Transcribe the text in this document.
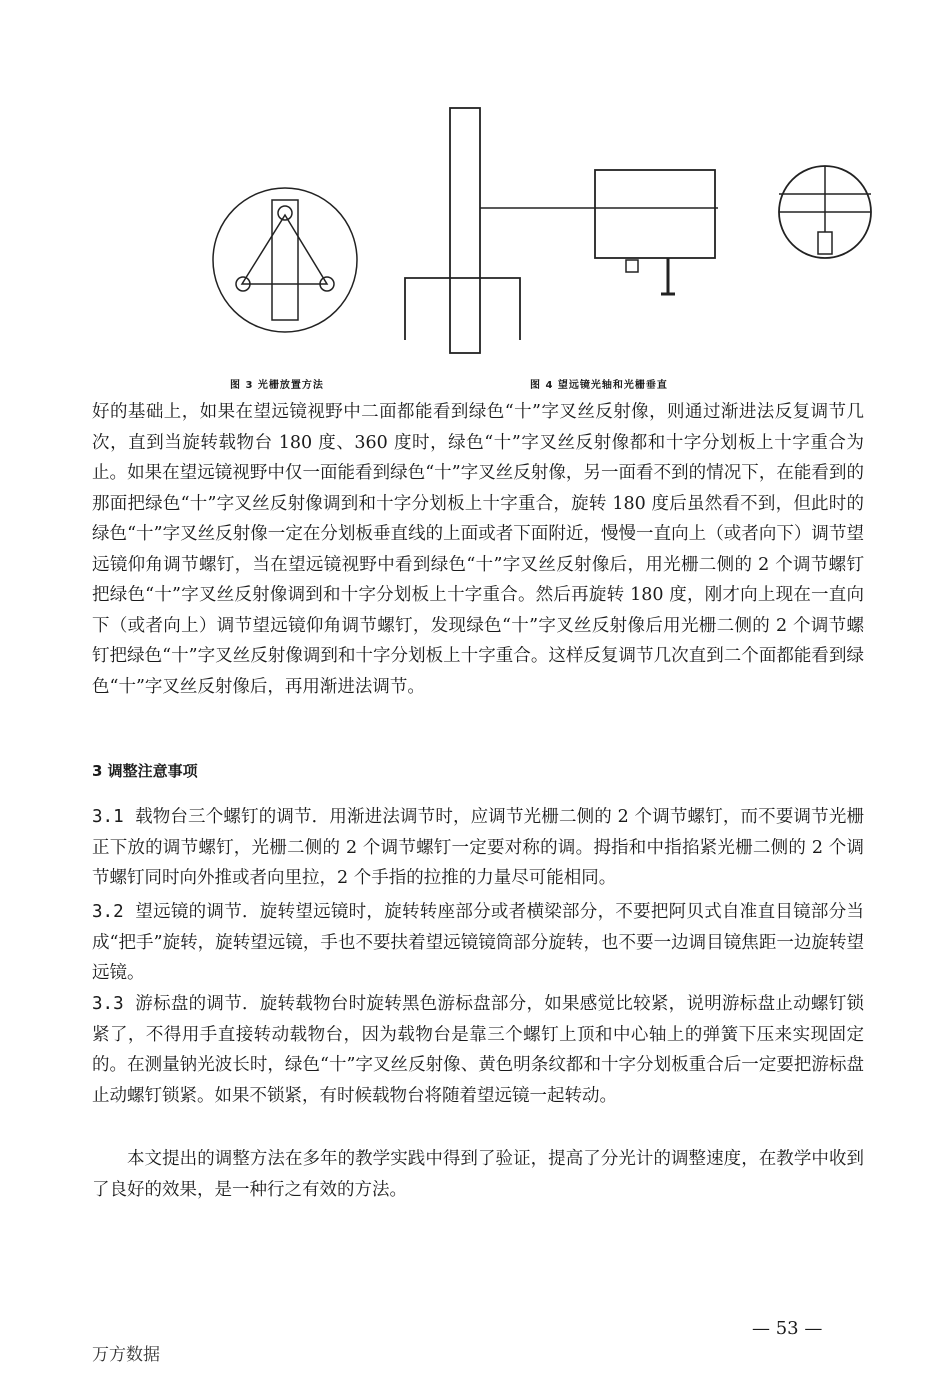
图 3 光栅放置方法	图 4 望远镜光轴和光栅垂直

好的基础上，如果在望远镜视野中二面都能看到绿色“十”字叉丝反射像，则通过渐进法反复调节几次，直到当旋转载物台 180 度、360 度时，绿色“十”字叉丝反射像都和十字分划板上十字重合为止。如果在望远镜视野中仅一面能看到绿色“十”字叉丝反射像，另一面看不到的情况下，在能看到的那面把绿色“十”字叉丝反射像调到和十字分划板上十字重合，旋转 180 度后虽然看不到，但此时的绿色“十”字叉丝反射像一定在分划板垂直线的上面或者下面附近，慢慢一直向上（或者向下）调节望远镜仰角调节螺钉，当在望远镜视野中看到绿色“十”字叉丝反射像后，用光栅二侧的 2 个调节螺钉把绿色“十”字叉丝反射像调到和十字分划板上十字重合。然后再旋转 180 度，刚才向上现在一直向下（或者向上）调节望远镜仰角调节螺钉，发现绿色“十”字叉丝反射像后用光栅二侧的 2 个调节螺钉把绿色“十”字叉丝反射像调到和十字分划板上十字重合。这样反复调节几次直到二个面都能看到绿色“十”字叉丝反射像后，再用渐进法调节。

3 调整注意事项

3.1 载物台三个螺钉的调节．用渐进法调节时，应调节光栅二侧的 2 个调节螺钉，而不要调节光栅正下放的调节螺钉，光栅二侧的 2 个调节螺钉一定要对称的调。拇指和中指掐紧光栅二侧的 2 个调节螺钉同时向外推或者向里拉，2 个手指的拉推的力量尽可能相同。

3.2 望远镜的调节．旋转望远镜时，旋转转座部分或者横梁部分，不要把阿贝式自准直目镜部分当成“把手”旋转，旋转望远镜，手也不要扶着望远镜镜筒部分旋转，也不要一边调目镜焦距一边旋转望远镜。

3.3 游标盘的调节．旋转载物台时旋转黑色游标盘部分，如果感觉比较紧，说明游标盘止动螺钉锁紧了，不得用手直接转动载物台，因为载物台是靠三个螺钉上顶和中心轴上的弹簧下压来实现固定的。在测量钠光波长时，绿色“十”字叉丝反射像、黄色明条纹都和十字分划板重合后一定要把游标盘止动螺钉锁紧。如果不锁紧，有时候载物台将随着望远镜一起转动。

本文提出的调整方法在多年的教学实践中得到了验证，提高了分光计的调整速度，在教学中收到了良好的效果，是一种行之有效的方法。

— 53 —
万方数据
